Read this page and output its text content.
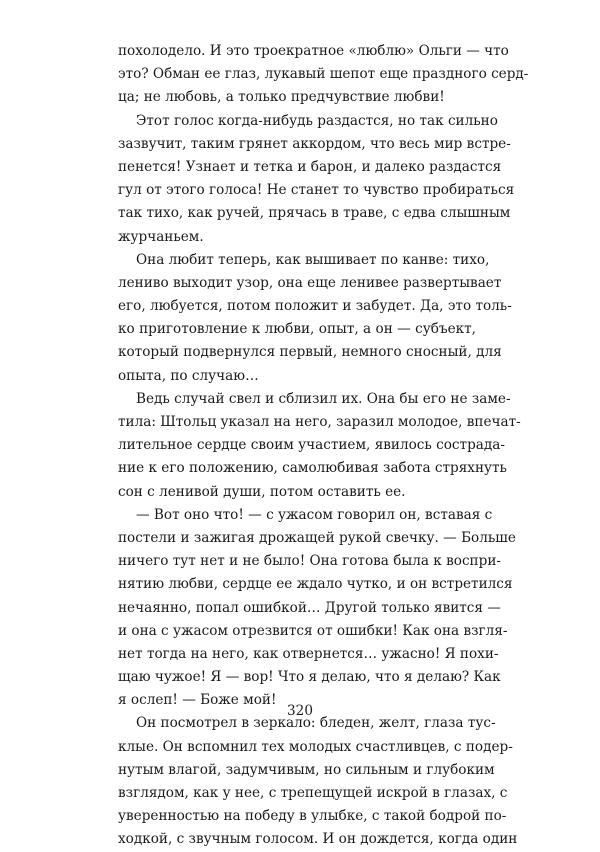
похолодело. И это троекратное «люблю» Ольги — что
это? Обман ее глаз, лукавый шепот еще праздного серд-
ца; не любовь, а только предчувствие любви!
Этот голос когда-нибудь раздастся, но так сильно
зазвучит, таким грянет аккордом, что весь мир встре-
пенется! Узнает и тетка и барон, и далеко раздастся
гул от этого голоса! Не станет то чувство пробираться
так тихо, как ручей, прячась в траве, с едва слышным
журчаньем.
Она любит теперь, как вышивает по канве: тихо,
лениво выходит узор, она еще ленивее развертывает
его, любуется, потом положит и забудет. Да, это толь-
ко приготовление к любви, опыт, а он — субъект,
который подвернулся первый, немного сносный, для
опыта, по случаю…
Ведь случай свел и сблизил их. Она бы его не заме-
тила: Штольц указал на него, заразил молодое, впечат-
лительное сердце своим участием, явилось сострада-
ние к его положению, самолюбивая забота стряхнуть
сон с ленивой души, потом оставить ее.
— Вот оно что! — с ужасом говорил он, вставая с
постели и зажигая дрожащей рукой свечку. — Больше
ничего тут нет и не было! Она готова была к воспри-
нятию любви, сердце ее ждало чутко, и он встретился
нечаянно, попал ошибкой… Другой только явится —
и она с ужасом отрезвится от ошибки! Как она взгля-
нет тогда на него, как отвернется… ужасно! Я похи-
щаю чужое! Я — вор! Что я делаю, что я делаю? Как
я ослеп! — Боже мой!
Он посмотрел в зеркало: бледен, желт, глаза тус-
клые. Он вспомнил тех молодых счастливцев, с подер-
нутым влагой, задумчивым, но сильным и глубоким
взглядом, как у нее, с трепещущей искрой в глазах, с
уверенностью на победу в улыбке, с такой бодрой по-
ходкой, с звучным голосом. И он дождется, когда один
320
